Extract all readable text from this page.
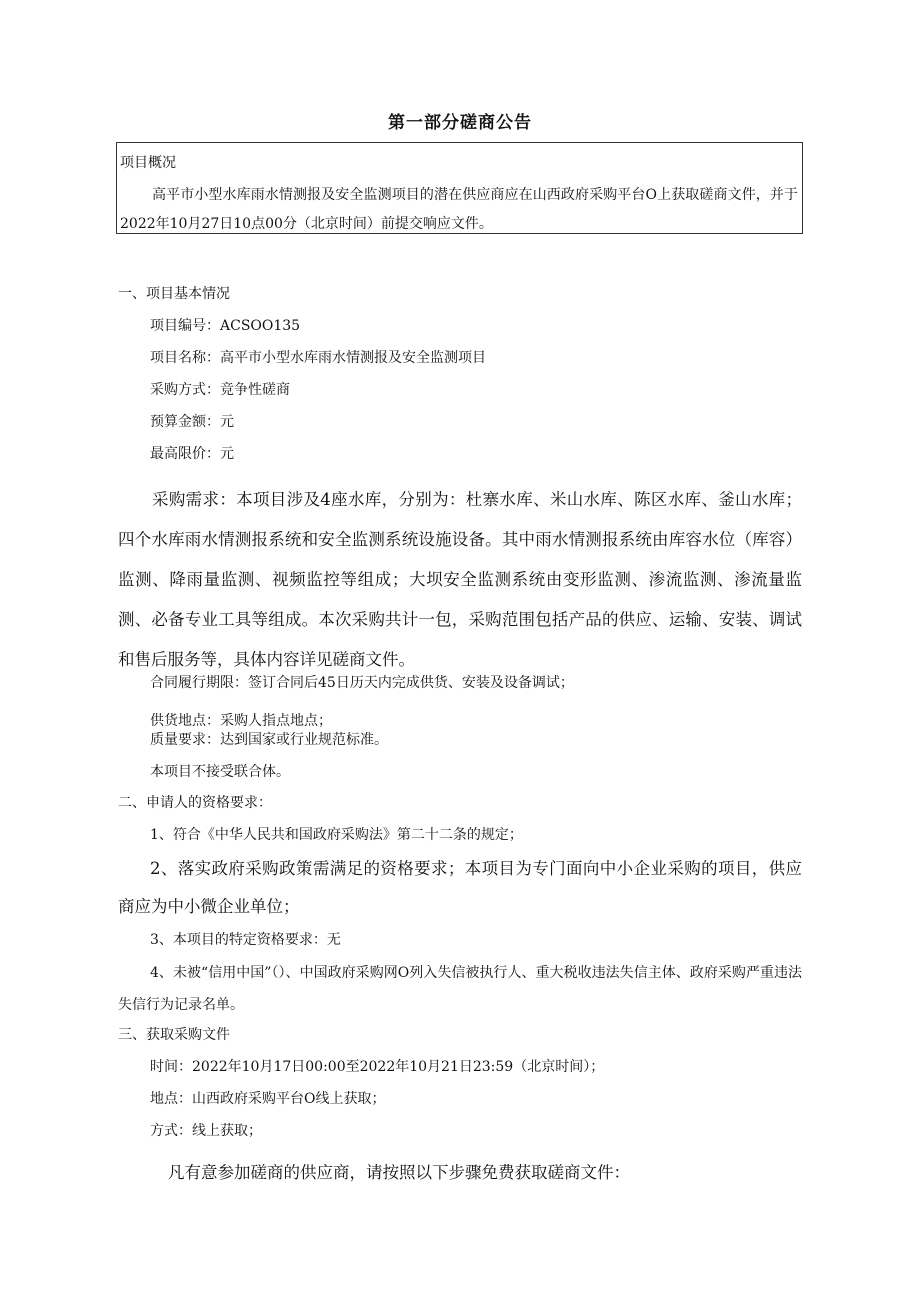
第一部分磋商公告
项目概况
高平市小型水库雨水情测报及安全监测项目的潜在供应商应在山西政府采购平台O上获取磋商文件，并于2022年10月27日10点00分（北京时间）前提交响应文件。
一、项目基本情况
项目编号：ACSOO135
项目名称：高平市小型水库雨水情测报及安全监测项目
采购方式：竞争性磋商
预算金额：元
最高限价：元
采购需求：本项目涉及4座水库，分别为：杜寨水库、米山水库、陈区水库、釜山水库；四个水库雨水情测报系统和安全监测系统设施设备。其中雨水情测报系统由库容水位（库容）监测、降雨量监测、视频监控等组成；大坝安全监测系统由变形监测、渗流监测、渗流量监测、必备专业工具等组成。本次采购共计一包，采购范围包括产品的供应、运输、安装、调试和售后服务等，具体内容详见磋商文件。
合同履行期限：签订合同后45日历天内完成供货、安装及设备调试；
供货地点：采购人指点地点；
质量要求：达到国家或行业规范标准。
本项目不接受联合体。
二、申请人的资格要求：
1、符合《中华人民共和国政府采购法》第二十二条的规定；
2、落实政府采购政策需满足的资格要求；本项目为专门面向中小企业采购的项目，供应商应为中小微企业单位；
3、本项目的特定资格要求：无
4、未被“信用中国”（）、中国政府采购网O列入失信被执行人、重大税收违法失信主体、政府采购严重违法失信行为记录名单。
三、获取采购文件
时间：2022年10月17日00:00至2022年10月21日23:59（北京时间）；
地点：山西政府采购平台O线上获取；
方式：线上获取；
凡有意参加磋商的供应商，请按照以下步骤免费获取磋商文件：
